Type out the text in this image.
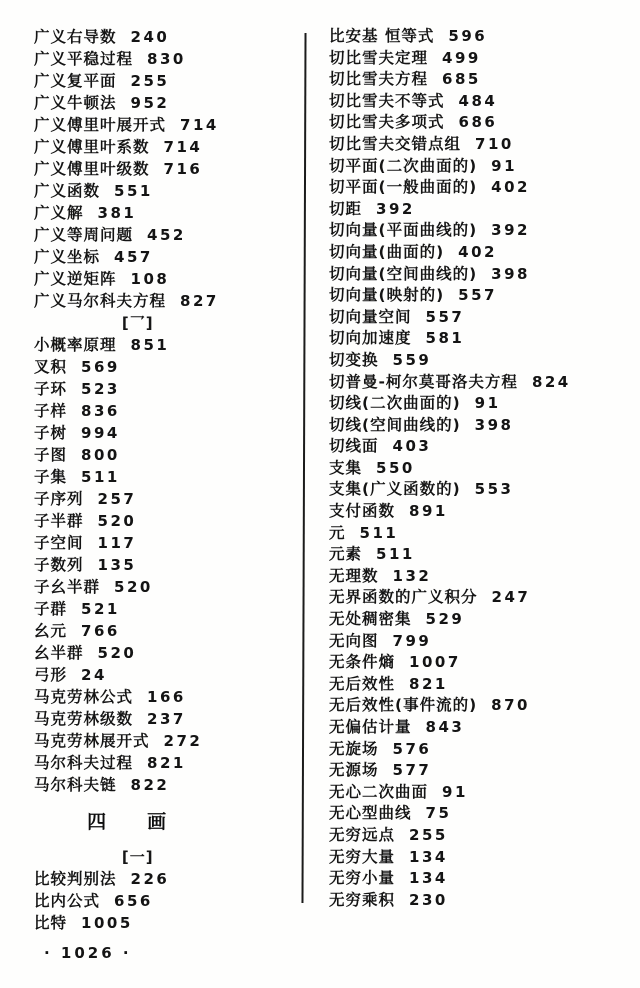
广义右导数 240
广义平稳过程 830
广义复平面 255
广义牛顿法 952
广义傅里叶展开式 714
广义傅里叶系数 714
广义傅里叶级数 716
广义函数 551
广义解 381
广义等周问题 452
广义坐标 457
广义逆矩阵 108
广义马尔科夫方程 827
[乛]
小概率原理 851
叉积 569
子环 523
子样 836
子树 994
子图 800
子集 511
子序列 257
子半群 520
子空间 117
子数列 135
子幺半群 520
子群 521
幺元 766
幺半群 520
弓形 24
马克劳林公式 166
马克劳林级数 237
马克劳林展开式 272
马尔科夫过程 821
马尔科夫链 822
四　　画
[一]
比较判别法 226
比内公式 656
比特 1005
比安基 恒等式 596
切比雪夫定理 499
切比雪夫方程 685
切比雪夫不等式 484
切比雪夫多项式 686
切比雪夫交错点组 710
切平面(二次曲面的) 91
切平面(一般曲面的) 402
切距 392
切向量(平面曲线的) 392
切向量(曲面的) 402
切向量(空间曲线的) 398
切向量(映射的) 557
切向量空间 557
切向加速度 581
切变换 559
切普曼-柯尔莫哥洛夫方程 824
切线(二次曲面的) 91
切线(空间曲线的) 398
切线面 403
支集 550
支集(广义函数的) 553
支付函数 891
元 511
元素 511
无理数 132
无界函数的广义积分 247
无处稠密集 529
无向图 799
无条件熵 1007
无后效性 821
无后效性(事件流的) 870
无偏估计量 843
无旋场 576
无源场 577
无心二次曲面 91
无心型曲线 75
无穷远点 255
无穷大量 134
无穷小量 134
无穷乘积 230
· 1026 ·
